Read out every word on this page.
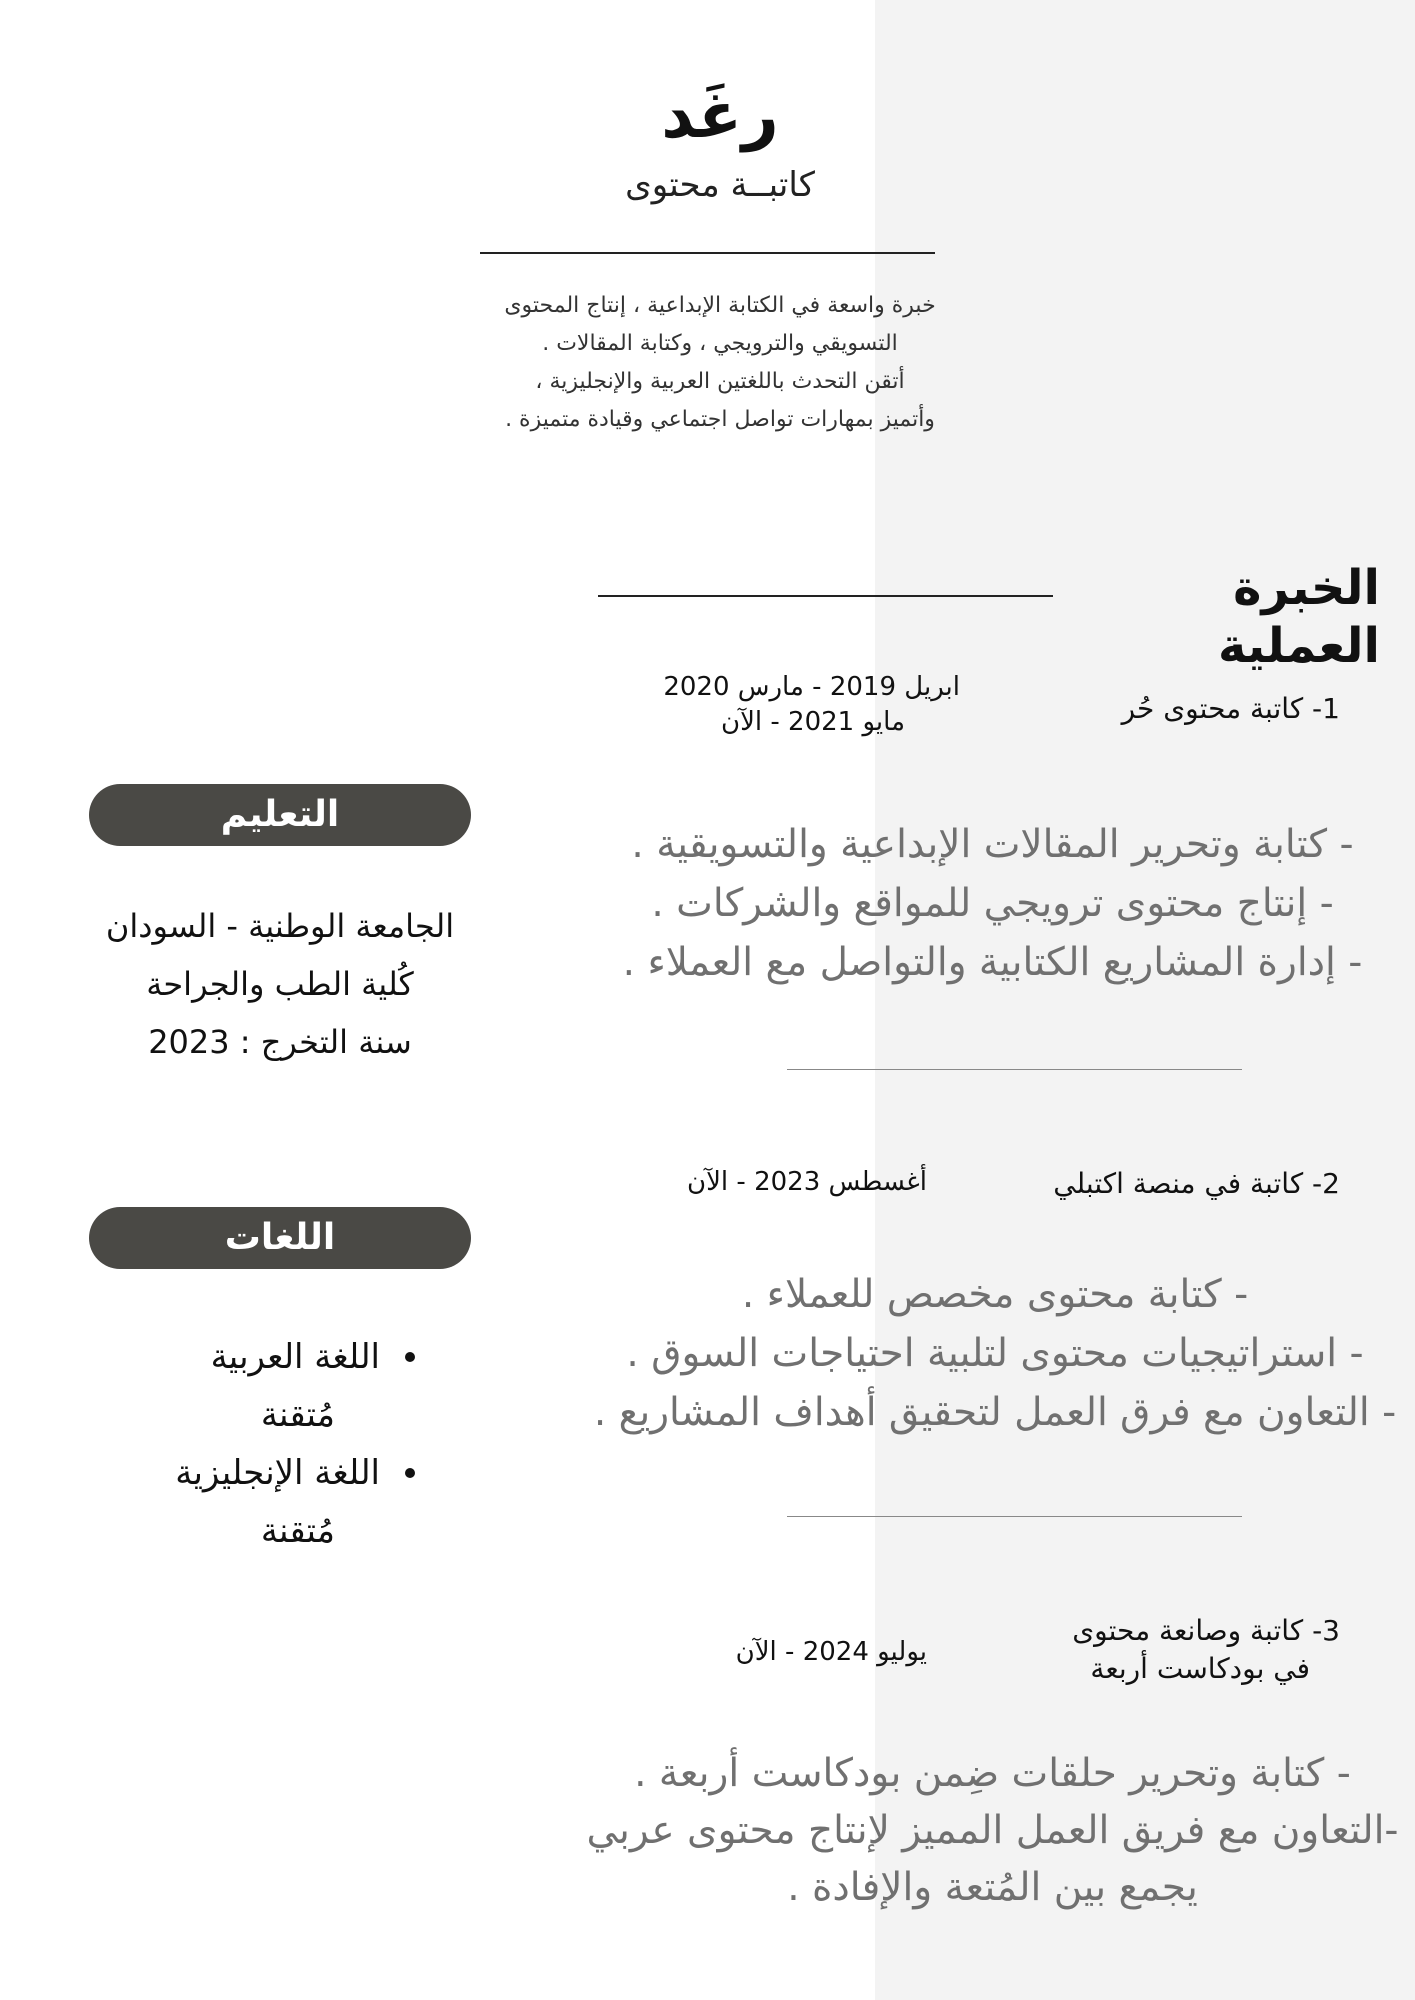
رغَد
كاتبــة محتوى
خبرة واسعة في الكتابة الإبداعية ، إنتاج المحتوى
التسويقي والترويجي ، وكتابة المقالات .
أتقن التحدث باللغتين العربية والإنجليزية ،
وأتميز بمهارات تواصل اجتماعي وقيادة متميزة .
الخبرة العملية
1- كاتبة محتوى حُر
ابريل 2019 - مارس 2020
مايو 2021 - الآن
- كتابة وتحرير المقالات الإبداعية والتسويقية .
- إنتاج محتوى ترويجي للمواقع والشركات .
- إدارة المشاريع الكتابية والتواصل مع العملاء .
2- كاتبة في منصة اكتبلي
أغسطس 2023 - الآن
- كتابة محتوى مخصص للعملاء .
- استراتيجيات محتوى لتلبية احتياجات السوق .
- التعاون مع فرق العمل لتحقيق أهداف المشاريع .
3- كاتبة وصانعة محتوى
في بودكاست أربعة
يوليو 2024 - الآن
- كتابة وتحرير حلقات ضِمن بودكاست أربعة .
-التعاون مع فريق العمل المميز لإنتاج محتوى عربي
يجمع بين المُتعة والإفادة .
التعليم
الجامعة الوطنية - السودان
كُلية الطب والجراحة
سنة التخرج : 2023
اللغات
اللغة العربية
مُتقنة
اللغة الإنجليزية
مُتقنة
